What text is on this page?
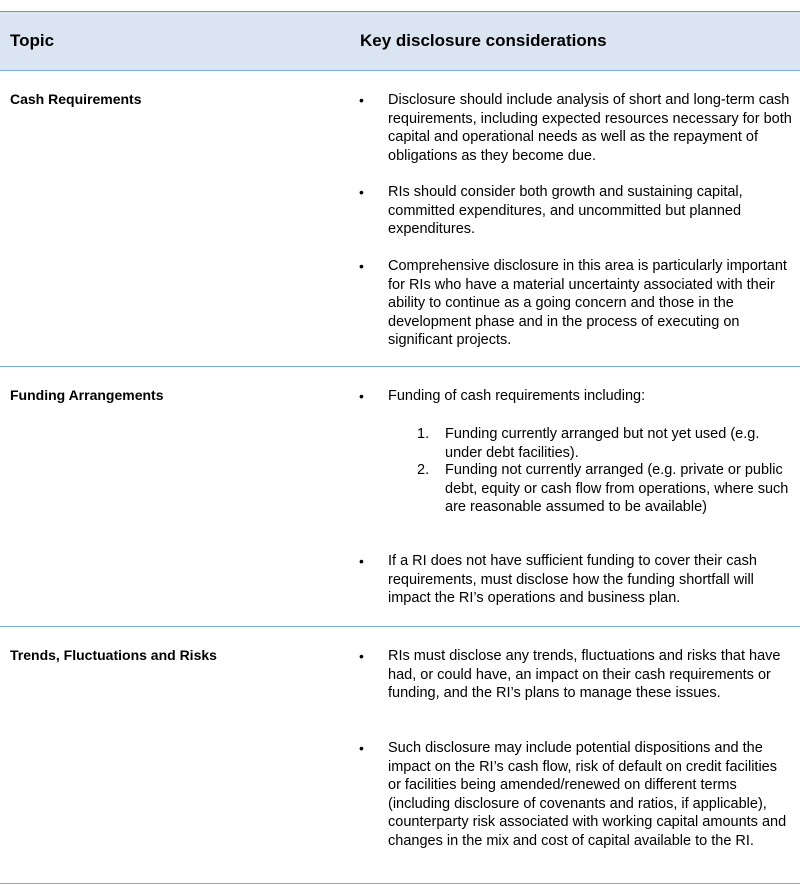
Topic	Key disclosure considerations
Cash Requirements	• Disclosure should include analysis of short and long-term cash requirements, including expected resources necessary for both capital and operational needs as well as the repayment of obligations as they become due.
• RIs should consider both growth and sustaining capital, committed expenditures, and uncommitted but planned expenditures.
• Comprehensive disclosure in this area is particularly important for RIs who have a material uncertainty associated with their ability to continue as a going concern and those in the development phase and in the process of executing on significant projects.
Funding Arrangements	• Funding of cash requirements including:
1. Funding currently arranged but not yet used (e.g. under debt facilities).
2. Funding not currently arranged (e.g. private or public debt, equity or cash flow from operations, where such are reasonable assumed to be available)
• If a RI does not have sufficient funding to cover their cash requirements, must disclose how the funding shortfall will impact the RI’s operations and business plan.
Trends, Fluctuations and Risks	• RIs must disclose any trends, fluctuations and risks that have had, or could have, an impact on their cash requirements or funding, and the RI’s plans to manage these issues.
• Such disclosure may include potential dispositions and the impact on the RI’s cash flow, risk of default on credit facilities or facilities being amended/renewed on different terms (including disclosure of covenants and ratios, if applicable), counterparty risk associated with working capital amounts and changes in the mix and cost of capital available to the RI.
